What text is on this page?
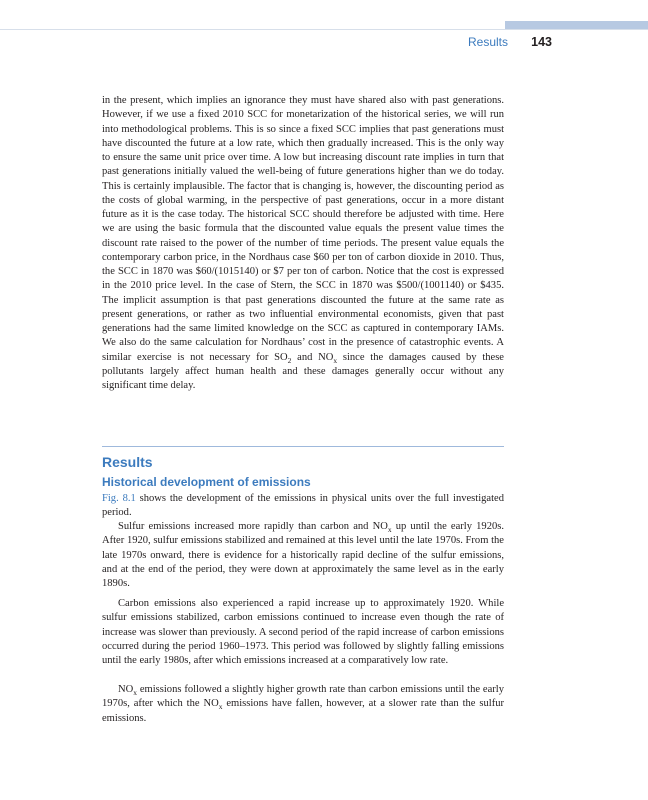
Results 143

in the present, which implies an ignorance they must have shared also with past generations. However, if we use a fixed 2010 SCC for monetarization of the historical series, we will run into methodological problems. This is so since a fixed SCC implies that past generations must have discounted the future at a low rate, which then gradually increased. This is the only way to ensure the same unit price over time. A low but increasing discount rate implies in turn that past generations initially valued the well-being of future generations higher than we do today. This is certainly implausible. The factor that is changing is, however, the discounting period as the costs of global warming, in the perspective of past generations, occur in a more distant future as it is the case today. The historical SCC should therefore be adjusted with time. Here we are using the basic formula that the discounted value equals the present value times the discount rate raised to the power of the number of time periods. The present value equals the contemporary carbon price, in the Nordhaus case $60 per ton of carbon dioxide in 2010. Thus, the SCC in 1870 was $60/(1015140) or $7 per ton of carbon. Notice that the cost is expressed in the 2010 price level. In the case of Stern, the SCC in 1870 was $500/(1001140) or $435. The implicit assumption is that past generations discounted the future at the same rate as present generations, or rather as two influential environmental economists, given that past generations had the same limited knowledge on the SCC as captured in contemporary IAMs. We also do the same calculation for Nordhaus’ cost in the presence of catastrophic events. A similar exercise is not necessary for $SO_2$ and $NO_x$ since the damages caused by these pollutants largely affect human health and these damages generally occur without any significant time delay.

Results
Historical development of emissions

Fig. 8.1 shows the development of the emissions in physical units over the full investigated period.

Sulfur emissions increased more rapidly than carbon and $NO_x$ up until the early 1920s. After 1920, sulfur emissions stabilized and remained at this level until the late 1970s. From the late 1970s onward, there is evidence for a historically rapid decline of the sulfur emissions, and at the end of the period, they were down at approximately the same level as in the early 1890s.

Carbon emissions also experienced a rapid increase up to approximately 1920. While sulfur emissions stabilized, carbon emissions continued to increase even though the rate of increase was slower than previously. A second period of the rapid increase of carbon emissions occurred during the period 1960–1973. This period was followed by slightly falling emissions until the early 1980s, after which emissions increased at a comparatively low rate.

$NO_x$ emissions followed a slightly higher growth rate than carbon emissions until the early 1970s, after which the $NO_x$ emissions have fallen, however, at a slower rate than the sulfur emissions.
